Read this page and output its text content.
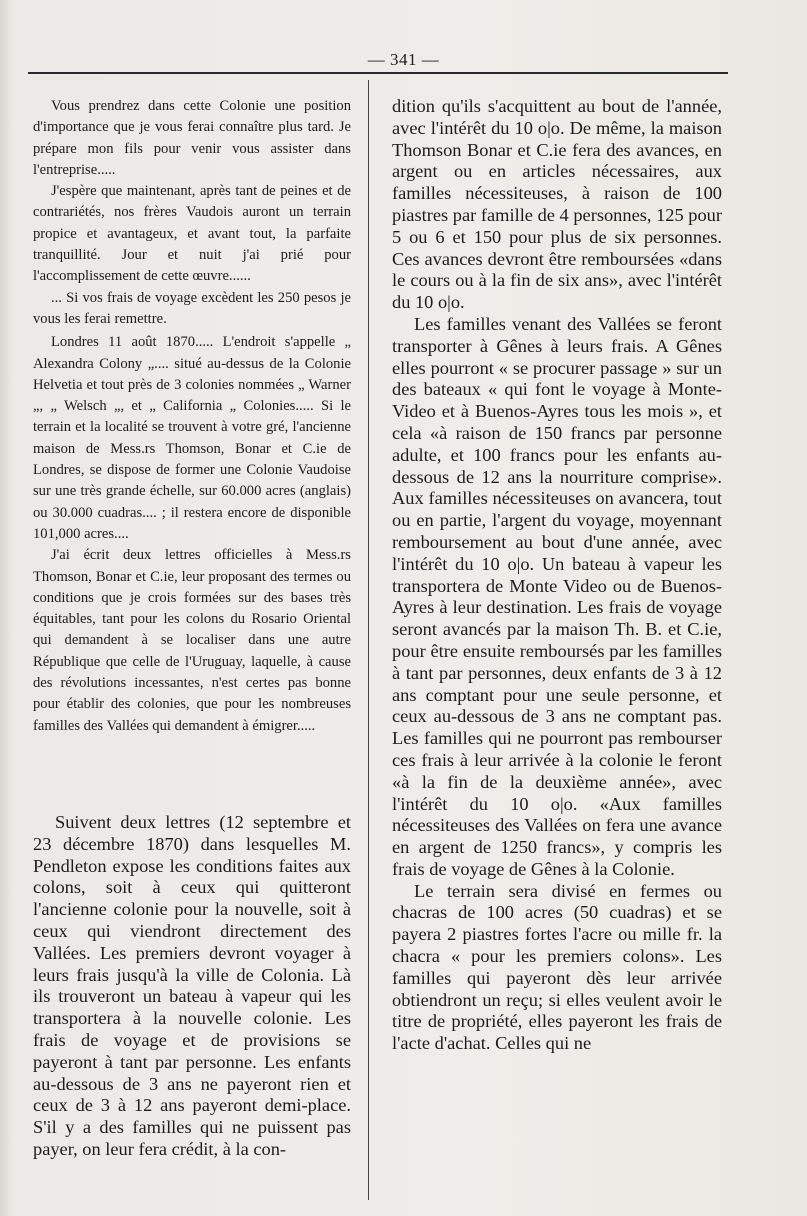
— 341 —

Vous prendrez dans cette Colonie une position d'importance que je vous ferai connaître plus tard. Je prépare mon fils pour venir vous assister dans l'entreprise.....

J'espère que maintenant, après tant de peines et de contrariétés, nos frères Vaudois auront un terrain propice et avantageux, et avant tout, la parfaite tranquillité. Jour et nuit j'ai prié pour l'accomplissement de cette œuvre......

... Si vos frais de voyage excèdent les 250 pesos je vous les ferai remettre.

Londres 11 août 1870..... L'endroit s'appelle „ Alexandra Colony „.... situé au-dessus de la Colonie Helvetia et tout près de 3 colonies nommées „ Warner „, „ Welsch „, et „ California „ Colonies..... Si le terrain et la localité se trouvent à votre gré, l'ancienne maison de Mess.rs Thomson, Bonar et C.ie de Londres, se dispose de former une Colonie Vaudoise sur une très grande échelle, sur 60.000 acres (anglais) ou 30.000 cuadras.... ; il restera encore de disponible 101,000 acres....

J'ai écrit deux lettres officielles à Mess.rs Thomson, Bonar et C.ie, leur proposant des termes ou conditions que je crois formées sur des bases très équitables, tant pour les colons du Rosario Oriental qui demandent à se localiser dans une autre République que celle de l'Uruguay, laquelle, à cause des révolutions incessantes, n'est certes pas bonne pour établir des colonies, que pour les nombreuses familles des Vallées qui demandent à émigrer.....

Suivent deux lettres (12 septembre et 23 décembre 1870) dans lesquelles M. Pendleton expose les conditions faites aux colons, soit à ceux qui quitteront l'ancienne colonie pour la nouvelle, soit à ceux qui viendront directement des Vallées. Les premiers devront voyager à leurs frais jusqu'à la ville de Colonia. Là ils trouveront un bateau à vapeur qui les transportera à la nouvelle colonie. Les frais de voyage et de provisions se payeront à tant par personne. Les enfants au-dessous de 3 ans ne payeront rien et ceux de 3 à 12 ans payeront demi-place. S'il y a des familles qui ne puissent pas payer, on leur fera crédit, à la con-

dition qu'ils s'acquittent au bout de l'année, avec l'intérêt du 10 o|o. De même, la maison Thomson Bonar et C.ie fera des avances, en argent ou en articles nécessaires, aux familles nécessiteuses, à raison de 100 piastres par famille de 4 personnes, 125 pour 5 ou 6 et 150 pour plus de six personnes. Ces avances devront être remboursées «dans le cours ou à la fin de six ans», avec l'intérêt du 10 o|o.

Les familles venant des Vallées se feront transporter à Gênes à leurs frais. A Gênes elles pourront « se procurer passage » sur un des bateaux « qui font le voyage à Monte-Video et à Buenos-Ayres tous les mois », et cela «à raison de 150 francs par personne adulte, et 100 francs pour les enfants au-dessous de 12 ans la nourriture comprise». Aux familles nécessiteuses on avancera, tout ou en partie, l'argent du voyage, moyennant remboursement au bout d'une année, avec l'intérêt du 10 o|o. Un bateau à vapeur les transportera de Monte Video ou de Buenos-Ayres à leur destination. Les frais de voyage seront avancés par la maison Th. B. et C.ie, pour être ensuite remboursés par les familles à tant par personnes, deux enfants de 3 à 12 ans comptant pour une seule personne, et ceux au-dessous de 3 ans ne comptant pas. Les familles qui ne pourront pas rembourser ces frais à leur arrivée à la colonie le feront «à la fin de la deuxième année», avec l'intérêt du 10 o|o. «Aux familles nécessiteuses des Vallées on fera une avance en argent de 1250 francs», y compris les frais de voyage de Gênes à la Colonie.

Le terrain sera divisé en fermes ou chacras de 100 acres (50 cuadras) et se payera 2 piastres fortes l'acre ou mille fr. la chacra « pour les premiers colons». Les familles qui payeront dès leur arrivée obtiendront un reçu; si elles veulent avoir le titre de propriété, elles payeront les frais de l'acte d'achat. Celles qui ne
